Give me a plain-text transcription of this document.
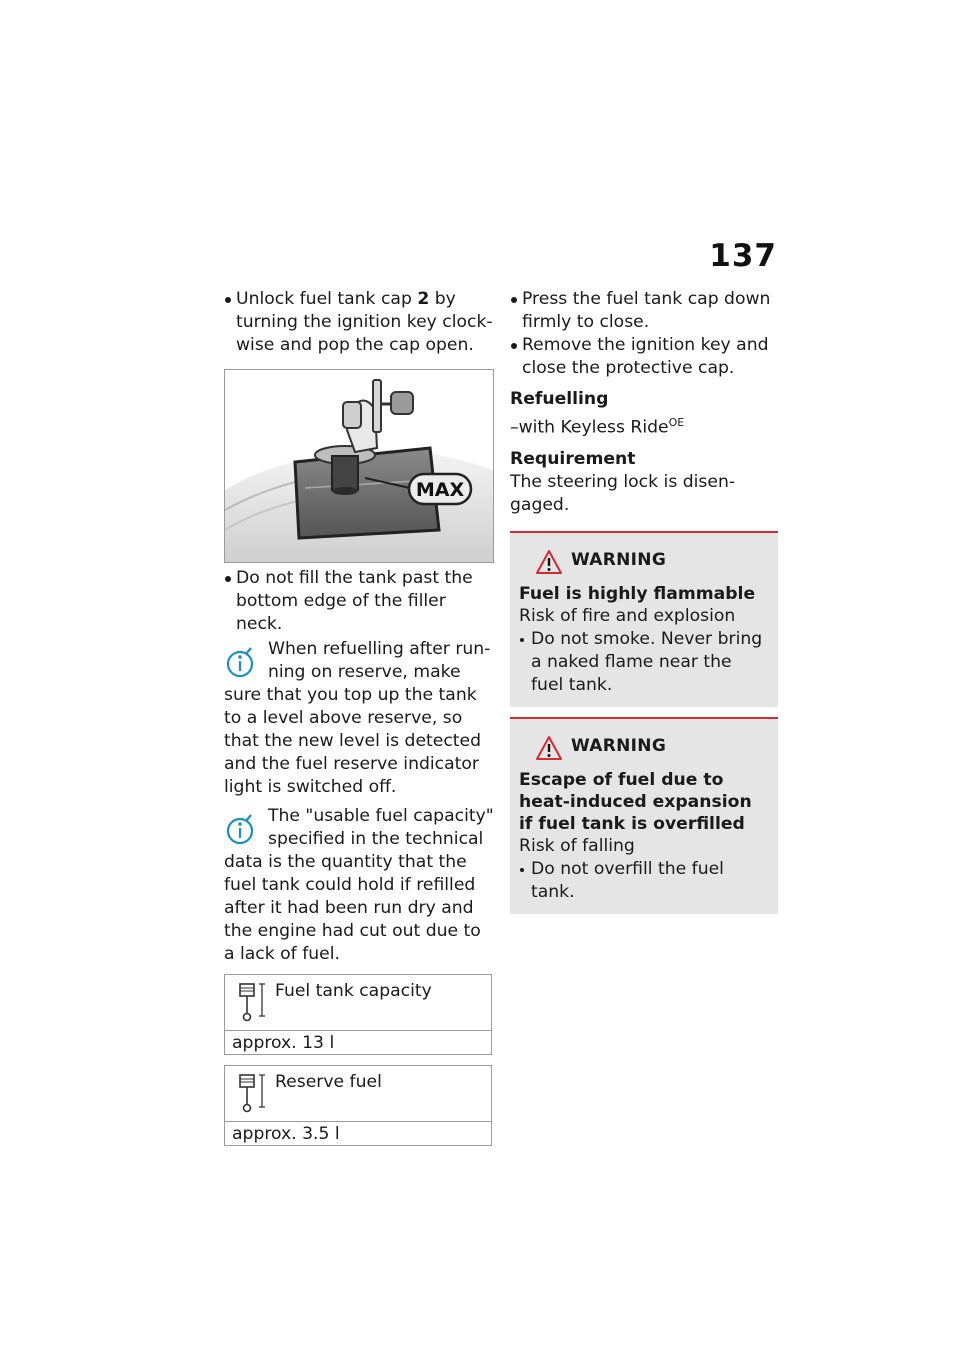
137
Unlock fuel tank cap 2 by turning the ignition key clock-wise and pop the cap open.
MAX
Do not fill the tank past the bottom edge of the filler neck.
When refuelling after run-ning on reserve, make sure that you top up the tank to a level above reserve, so that the new level is detected and the fuel reserve indicator light is switched off.
The "usable fuel capacity" specified in the technical data is the quantity that the fuel tank could hold if refilled after it had been run dry and the engine had cut out due to a lack of fuel.
Fuel tank capacity
approx. 13 l
Reserve fuel
approx. 3.5 l
Press the fuel tank cap down firmly to close.
Remove the ignition key and close the protective cap.
Refuelling
–with Keyless Ride$^{OE}$
Requirement
The steering lock is disen-gaged.
WARNING
Fuel is highly flammable
Risk of fire and explosion
Do not smoke. Never bring a naked flame near the fuel tank.
WARNING
Escape of fuel due to heat-induced expansion if fuel tank is overfilled
Risk of falling
Do not overfill the fuel tank.
